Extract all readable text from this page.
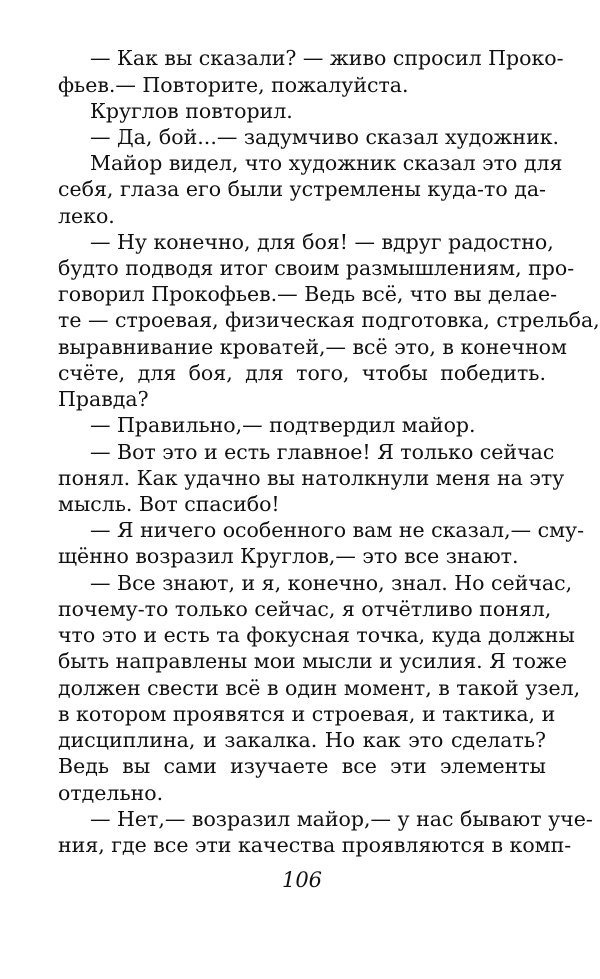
— Как вы сказали? — живо спросил Проко-
фьев.— Повторите, пожалуйста.
Круглов повторил.
— Да, бой...— задумчиво сказал художник.
Майор видел, что художник сказал это для
себя, глаза его были устремлены куда-то да-
леко.
— Ну конечно, для боя! — вдруг радостно,
будто подводя итог своим размышлениям, про-
говорил Прокофьев.— Ведь всё, что вы делае-
те — строевая, физическая подготовка, стрельба,
выравнивание кроватей,— всё это, в конечном
счёте, для боя, для того, чтобы победить.
Правда?
— Правильно,— подтвердил майор.
— Вот это и есть главное! Я только сейчас
понял. Как удачно вы натолкнули меня на эту
мысль. Вот спасибо!
— Я ничего особенного вам не сказал,— сму-
щённо возразил Круглов,— это все знают.
— Все знают, и я, конечно, знал. Но сейчас,
почему-то только сейчас, я отчётливо понял,
что это и есть та фокусная точка, куда должны
быть направлены мои мысли и усилия. Я тоже
должен свести всё в один момент, в такой узел,
в котором проявятся и строевая, и тактика, и
дисциплина, и закалка. Но как это сделать?
Ведь вы сами изучаете все эти элементы
отдельно.
— Нет,— возразил майор,— у нас бывают уче-
ния, где все эти качества проявляются в комп-
106
